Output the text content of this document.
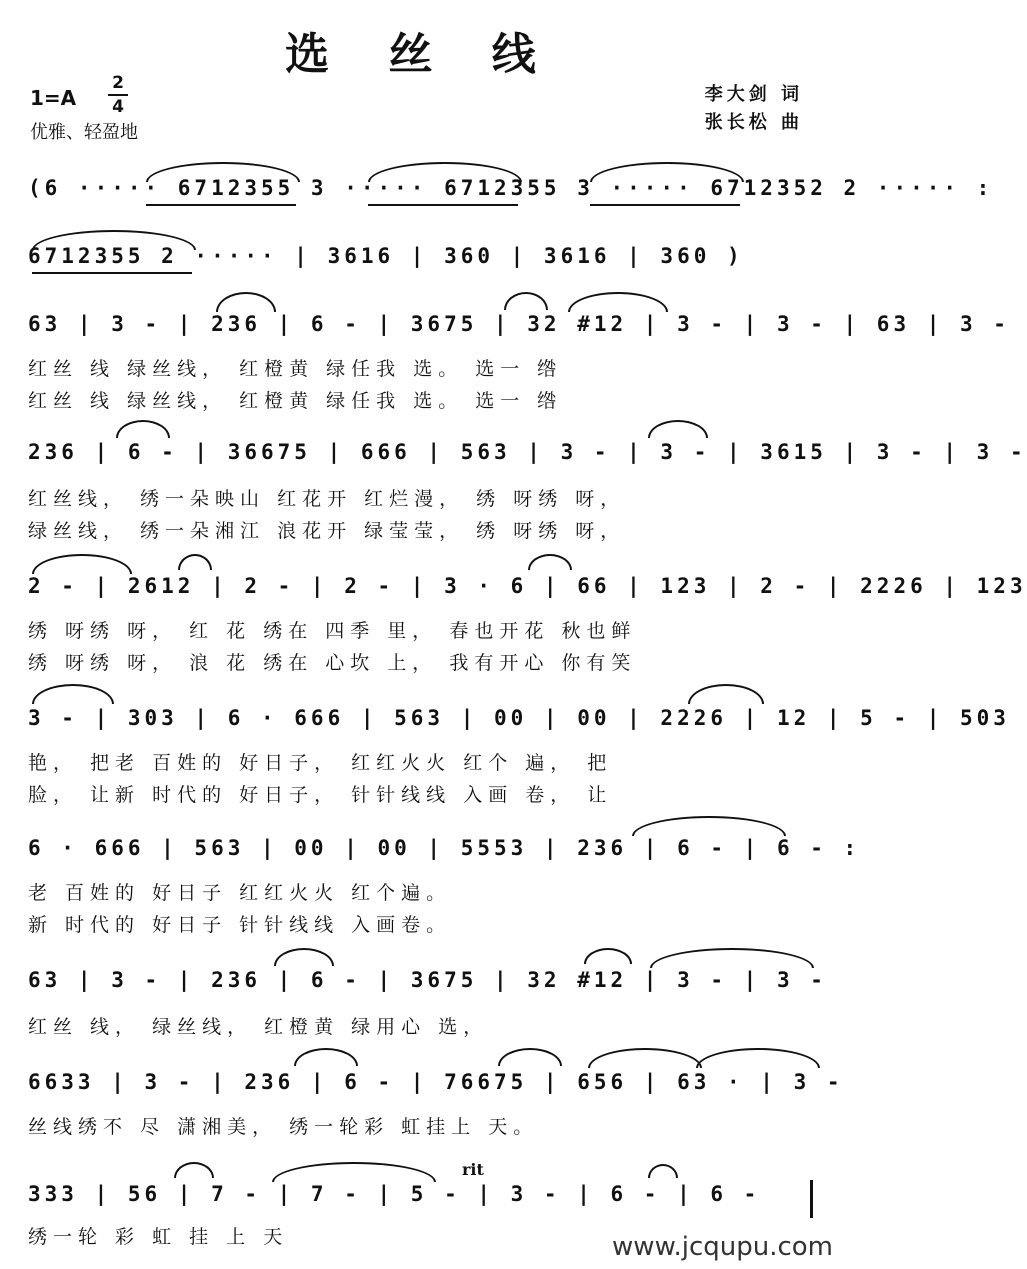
选 丝 线
$1=A \frac{2}{4}$
优雅、轻盈地
李大剑 词
张长松 曲
(6 ····· 6712355 3 ····· 6712355 3 ····· 6712352 2 ····· :
6712355 2 ····· | 3616 | 360 | 3616 | 360 )
63 | 3 - | 236 | 6 - | 3675 | 32 #12 | 3 - | 3 - | 63 | 3 -
红丝 线 绿丝线， 红橙黄 绿任我 选。 选一 绺
红丝 线 绿丝线， 红橙黄 绿任我 选。 选一 绺
236 | 6 - | 36675 | 666 | 563 | 3 - | 3 - | 3615 | 3 - | 3 -
红丝线， 绣一朵映山 红花开 红烂漫， 绣 呀绣 呀，
绿丝线， 绣一朵湘江 浪花开 绿莹莹， 绣 呀绣 呀，
2 - | 2612 | 2 - | 2 - | 3 · 6 | 66 | 123 | 2 - | 2226 | 123
绣 呀绣 呀， 红 花 绣在 四季 里， 春也开花 秋也鲜
绣 呀绣 呀， 浪 花 绣在 心坎 上， 我有开心 你有笑
3 - | 303 | 6 · 666 | 563 | 00 | 00 | 2226 | 12 | 5 - | 503
艳， 把老 百姓的 好日子， 红红火火 红个 遍， 把
脸， 让新 时代的 好日子， 针针线线 入画 卷， 让
6 · 666 | 563 | 00 | 00 | 5553 | 236 | 6 - | 6 - :
老 百姓的 好日子 红红火火 红个遍。
新 时代的 好日子 针针线线 入画卷。
63 | 3 - | 236 | 6 - | 3675 | 32 #12 | 3 - | 3 -
红丝 线， 绿丝线， 红橙黄 绿用心 选，
6633 | 3 - | 236 | 6 - | 76675 | 656 | 63 · | 3 -
丝线绣不 尽 潇湘美， 绣一轮彩 虹挂上 天。
rit
333 | 56 | 7 - | 7 - | 5 - | 3 - | 6 - | 6 -
绣一轮 彩 虹 挂 上 天	www.jcqupu.com
